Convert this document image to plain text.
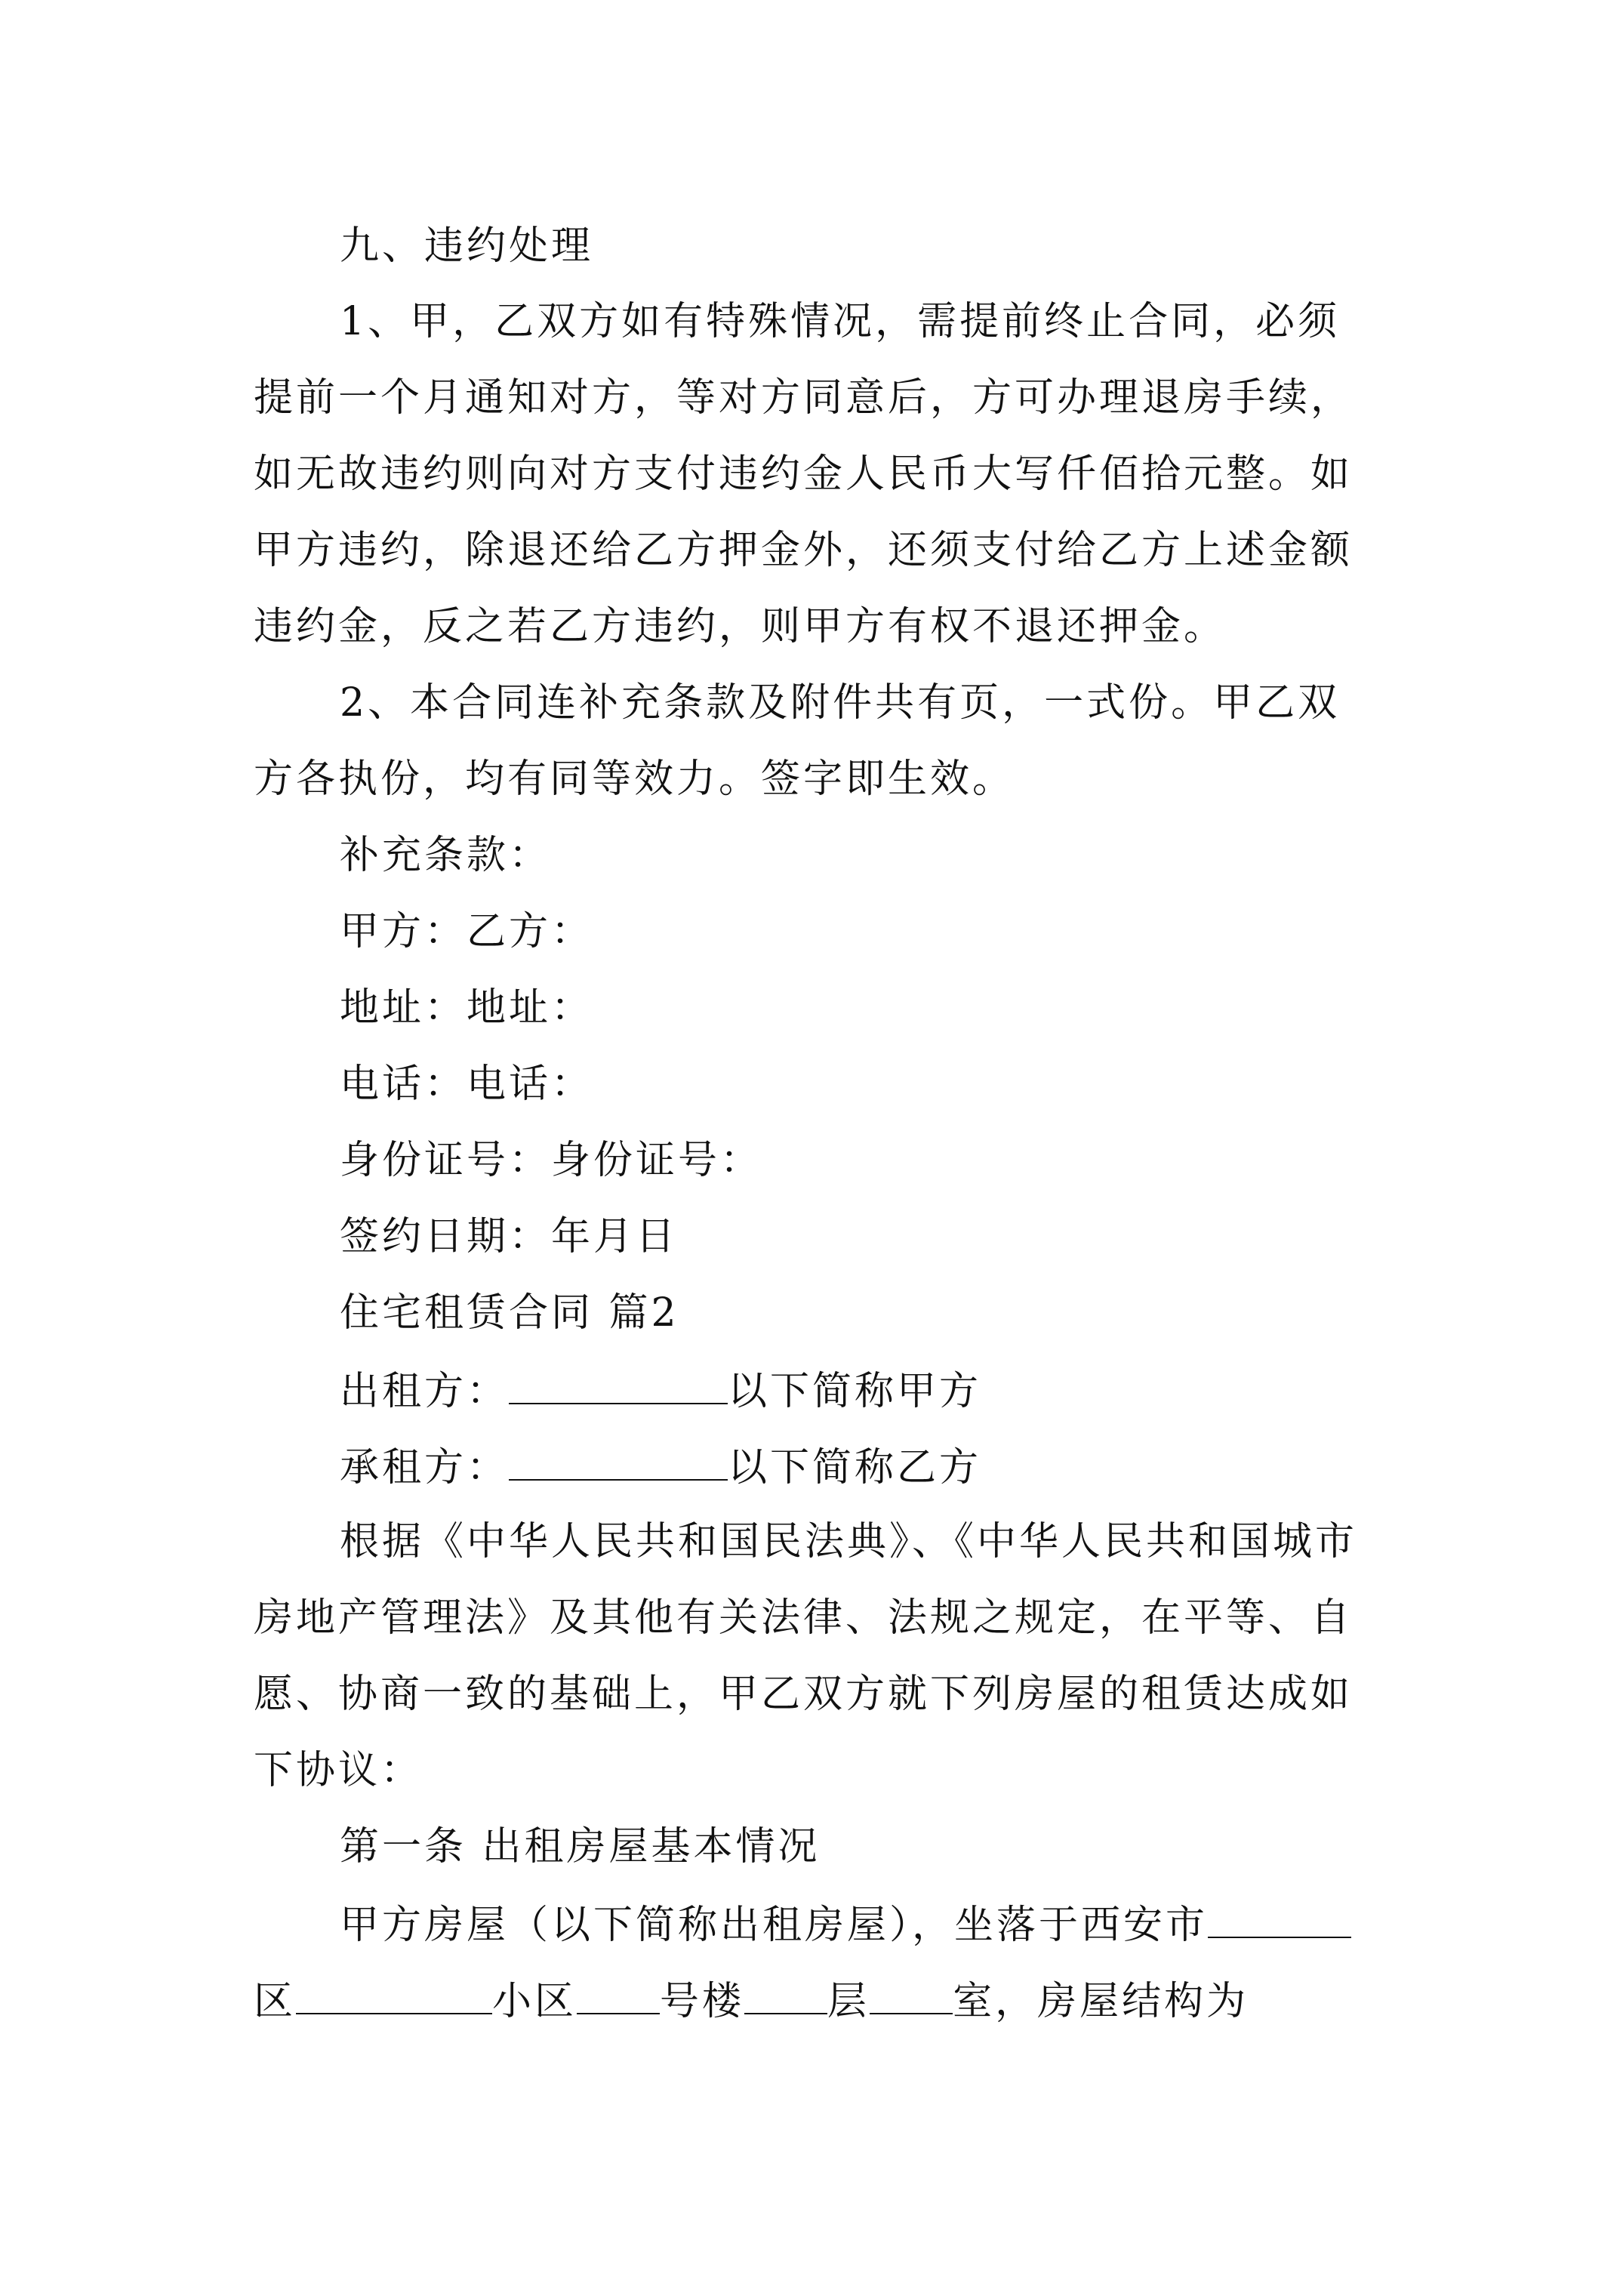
九、违约处理
1、甲，乙双方如有特殊情况，需提前终止合同，必须
提前一个月通知对方，等对方同意后，方可办理退房手续，
如无故违约则向对方支付违约金人民币大写仟佰拾元整。如
甲方违约，除退还给乙方押金外，还须支付给乙方上述金额
违约金，反之若乙方违约，则甲方有权不退还押金。
2、本合同连补充条款及附件共有页，一式份。甲乙双
方各执份，均有同等效力。签字即生效。
补充条款：
甲方：乙方：
地址：地址：
电话：电话：
身份证号：身份证号：
签约日期：年月日
住宅租赁合同 篇2
出租方：	以下简称甲方
承租方：	以下简称乙方
根据《中华人民共和国民法典》、《中华人民共和国城市
房地产管理法》及其他有关法律、法规之规定，在平等、自
愿、协商一致的基础上，甲乙双方就下列房屋的租赁达成如
下协议：
第一条 出租房屋基本情况
甲方房屋（以下简称出租房屋），坐落于西安市
区	小区 号楼 层 室，房屋结构为
